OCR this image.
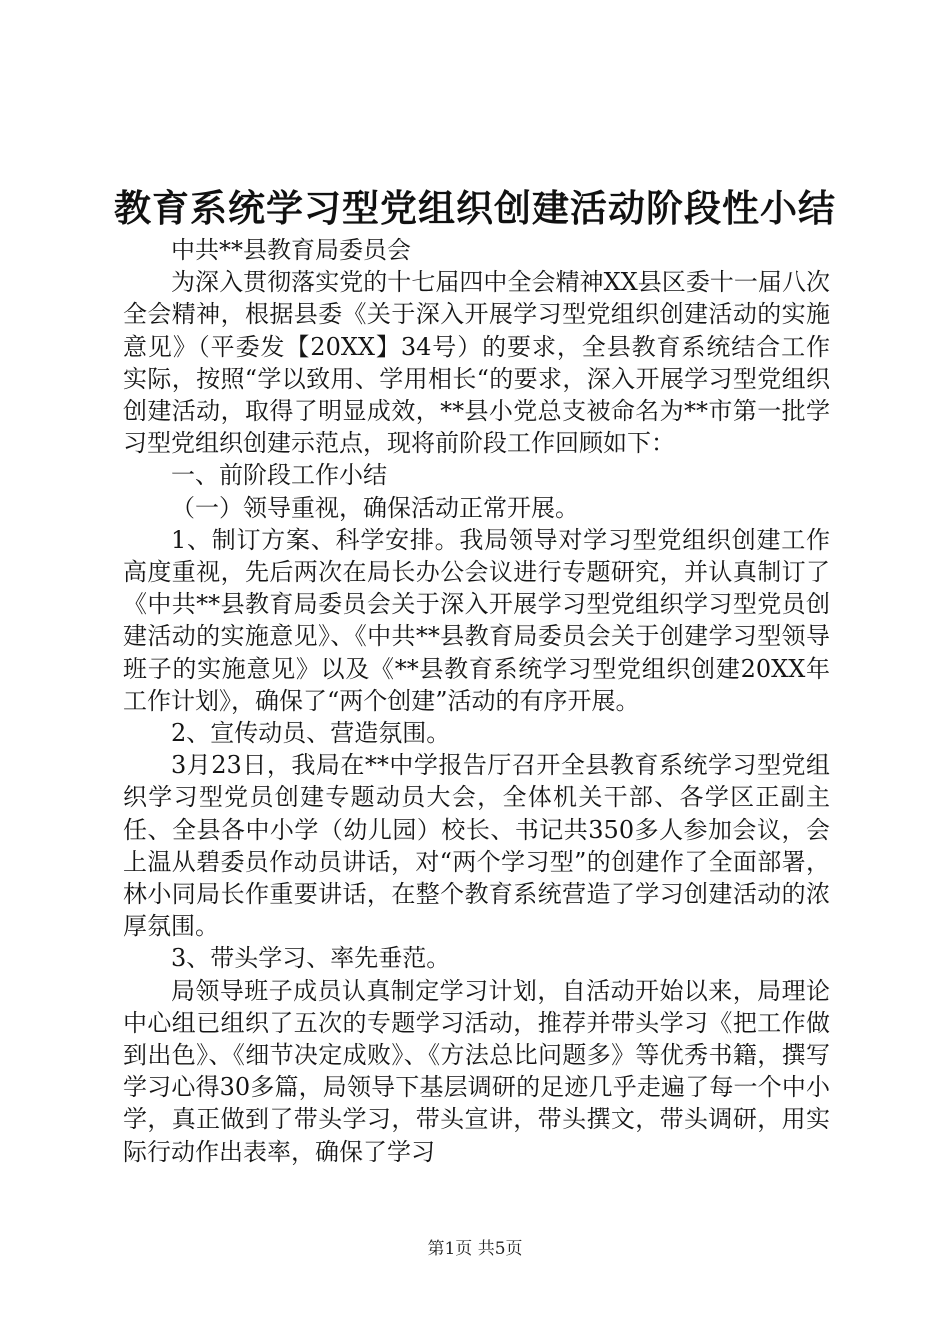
教育系统学习型党组织创建活动阶段性小结

中共**县教育局委员会

为深入贯彻落实党的十七届四中全会精神XX县区委十一届八次全会精神，根据县委《关于深入开展学习型党组织创建活动的实施意见》（平委发【20XX】34号）的要求，全县教育系统结合工作实际，按照“学以致用、学用相长“的要求，深入开展学习型党组织创建活动，取得了明显成效，**县小党总支被命名为**市第一批学习型党组织创建示范点，现将前阶段工作回顾如下：

一、前阶段工作小结

（一）领导重视，确保活动正常开展。

1、制订方案、科学安排。我局领导对学习型党组织创建工作高度重视，先后两次在局长办公会议进行专题研究，并认真制订了《中共**县教育局委员会关于深入开展学习型党组织学习型党员创建活动的实施意见》、《中共**县教育局委员会关于创建学习型领导班子的实施意见》以及《**县教育系统学习型党组织创建20XX年工作计划》，确保了“两个创建”活动的有序开展。

2、宣传动员、营造氛围。

3月23日，我局在**中学报告厅召开全县教育系统学习型党组织学习型党员创建专题动员大会，全体机关干部、各学区正副主任、全县各中小学（幼儿园）校长、书记共350多人参加会议，会上温从碧委员作动员讲话，对“两个学习型”的创建作了全面部署，林小同局长作重要讲话，在整个教育系统营造了学习创建活动的浓厚氛围。

3、带头学习、率先垂范。

局领导班子成员认真制定学习计划，自活动开始以来，局理论中心组已组织了五次的专题学习活动，推荐并带头学习《把工作做到出色》、《细节决定成败》、《方法总比问题多》等优秀书籍，撰写学习心得30多篇，局领导下基层调研的足迹几乎走遍了每一个中小学，真正做到了带头学习，带头宣讲，带头撰文，带头调研，用实际行动作出表率，确保了学习

第1页 共5页
